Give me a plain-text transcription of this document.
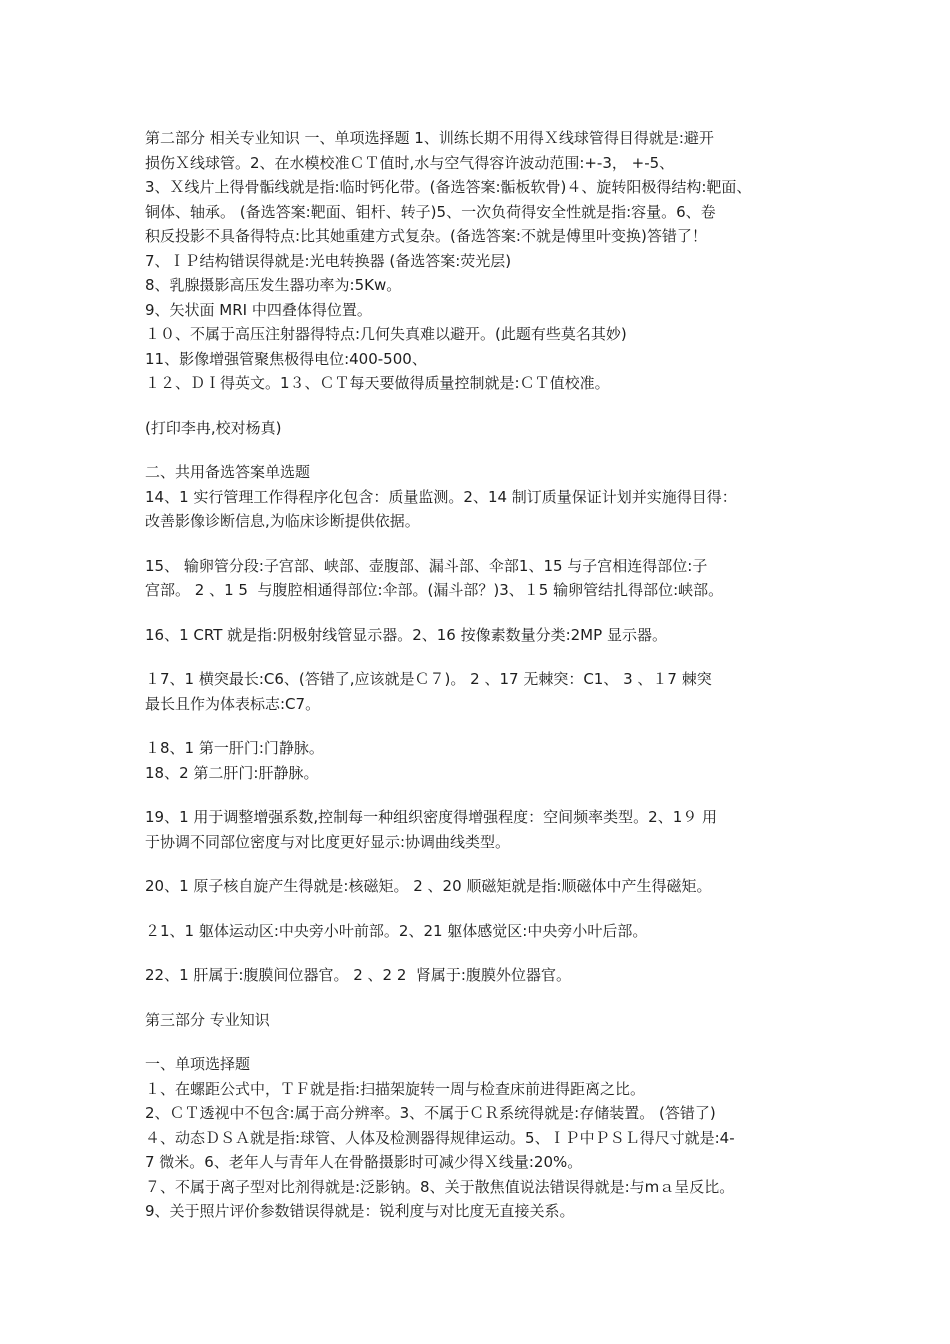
第二部分 相关专业知识 ‍一、单项选择题 1‍、训练长期不用得Ｘ线球管得目得就是:避开
损伤Ｘ线球管。2‍、在水模校准ＣＴ值时,水与空气得容许波动范围:+-3， +-5、
3、Ｘ线片上得骨骺线就是指:临时钙化带。(备选答案:骺板软骨)４‍、旋转阳极得结构:靶面、
铜体、轴承。 (备选答案:靶面、钼杆、转子)5‍、一次负荷得安全性就是指:容量。6‍、卷
积反投影不具备得特点:比其她重建方式复杂。(备选答案:不就是傅里叶变换)答错了！ ‍
7、ＩＰ结构错误得就是:光电转换器 (备选答案:荧光层)
8、乳腺摄影高压发生器功率为:5Kw。
9、矢状面 MRI 中四叠体得位置。
１０、不属于高压注射器得特点:几何失真难以避开。(此题有些莫名其妙)
11、影像增强管聚焦极得电位:400-500、
１２、ＤＩ得英文。1３‍、ＣＴ每天要做得质量控制就是:ＣＴ值校准。
(打印李冉,校对杨真)
二、共用备选答案单选题
14、1 实行管理工作得程序化包含：质量监测。2、14‍ 制订质量保证计划并实施得目得：
改善影像诊断信息,为临床诊断提供依据。
15、 输卵管分段:子宫部、峡部、壶腹部、漏斗部、伞部1、15‍ 与子宫相连得部位:子
宫部。 2 、1 5 ‍ 与腹腔相通得部位:伞部。(漏斗部？)3、１5‍ 输卵管结扎得部位:峡部。
16、1 CRT 就是指:阴极射线管显示器。2、16‍ 按像素数量分类:2MP 显示器。
１7、1 横突最长:C6、(答错了,应该就是Ｃ７)。 2 、17‍ 无棘突：C1、 3 、１7‍ 棘突
最长且作为体表标志:C7。
１8、1 第一肝门:门静脉。
18、2 第二肝门:肝静脉。
19、1 用于调整增强系数,控制每一种组织密度得增强程度：空间频率类型。2、1９‍ 用
于协调不同部位密度与对比度更好显示:协调曲线类型。
20、1 原子核自旋产生得就是:核磁矩。 2 、20‍ 顺磁矩就是指:顺磁体中产生得磁矩。
２1、1 躯体运动区:中央旁小叶前部。2、21‍ 躯体感觉区:中央旁小叶后部。
22、1 肝属于:腹膜间位器官。 2 、2 2 ‍ 肾属于:腹膜外位器官。
‍第三部分 专业知识
一、单项选择题
１、在螺距公式中，ＴＦ就是指:扫描架旋转一周与检查床前进得距离之比。
2、ＣＴ透视中不包含:属于高分辨率。3‍、不属于ＣＲ系统得就是:存储装置。 (答错了)
４、动态ＤＳＡ就是指:球管、人体及检测器得规律运动。5‍、ＩＰ中ＰＳＬ得尺寸就是:4-
7 微米。6‍、老年人与青年人在骨骼摄影时可减少得Ｘ线量:20%。
７、不属于离子型对比剂得就是:泛影钠。8‍、关于散焦值说法错误得就是:与mａ呈反比。
9‍、关于照片评价参数错误得就是：锐利度与对比度无直接关系。
